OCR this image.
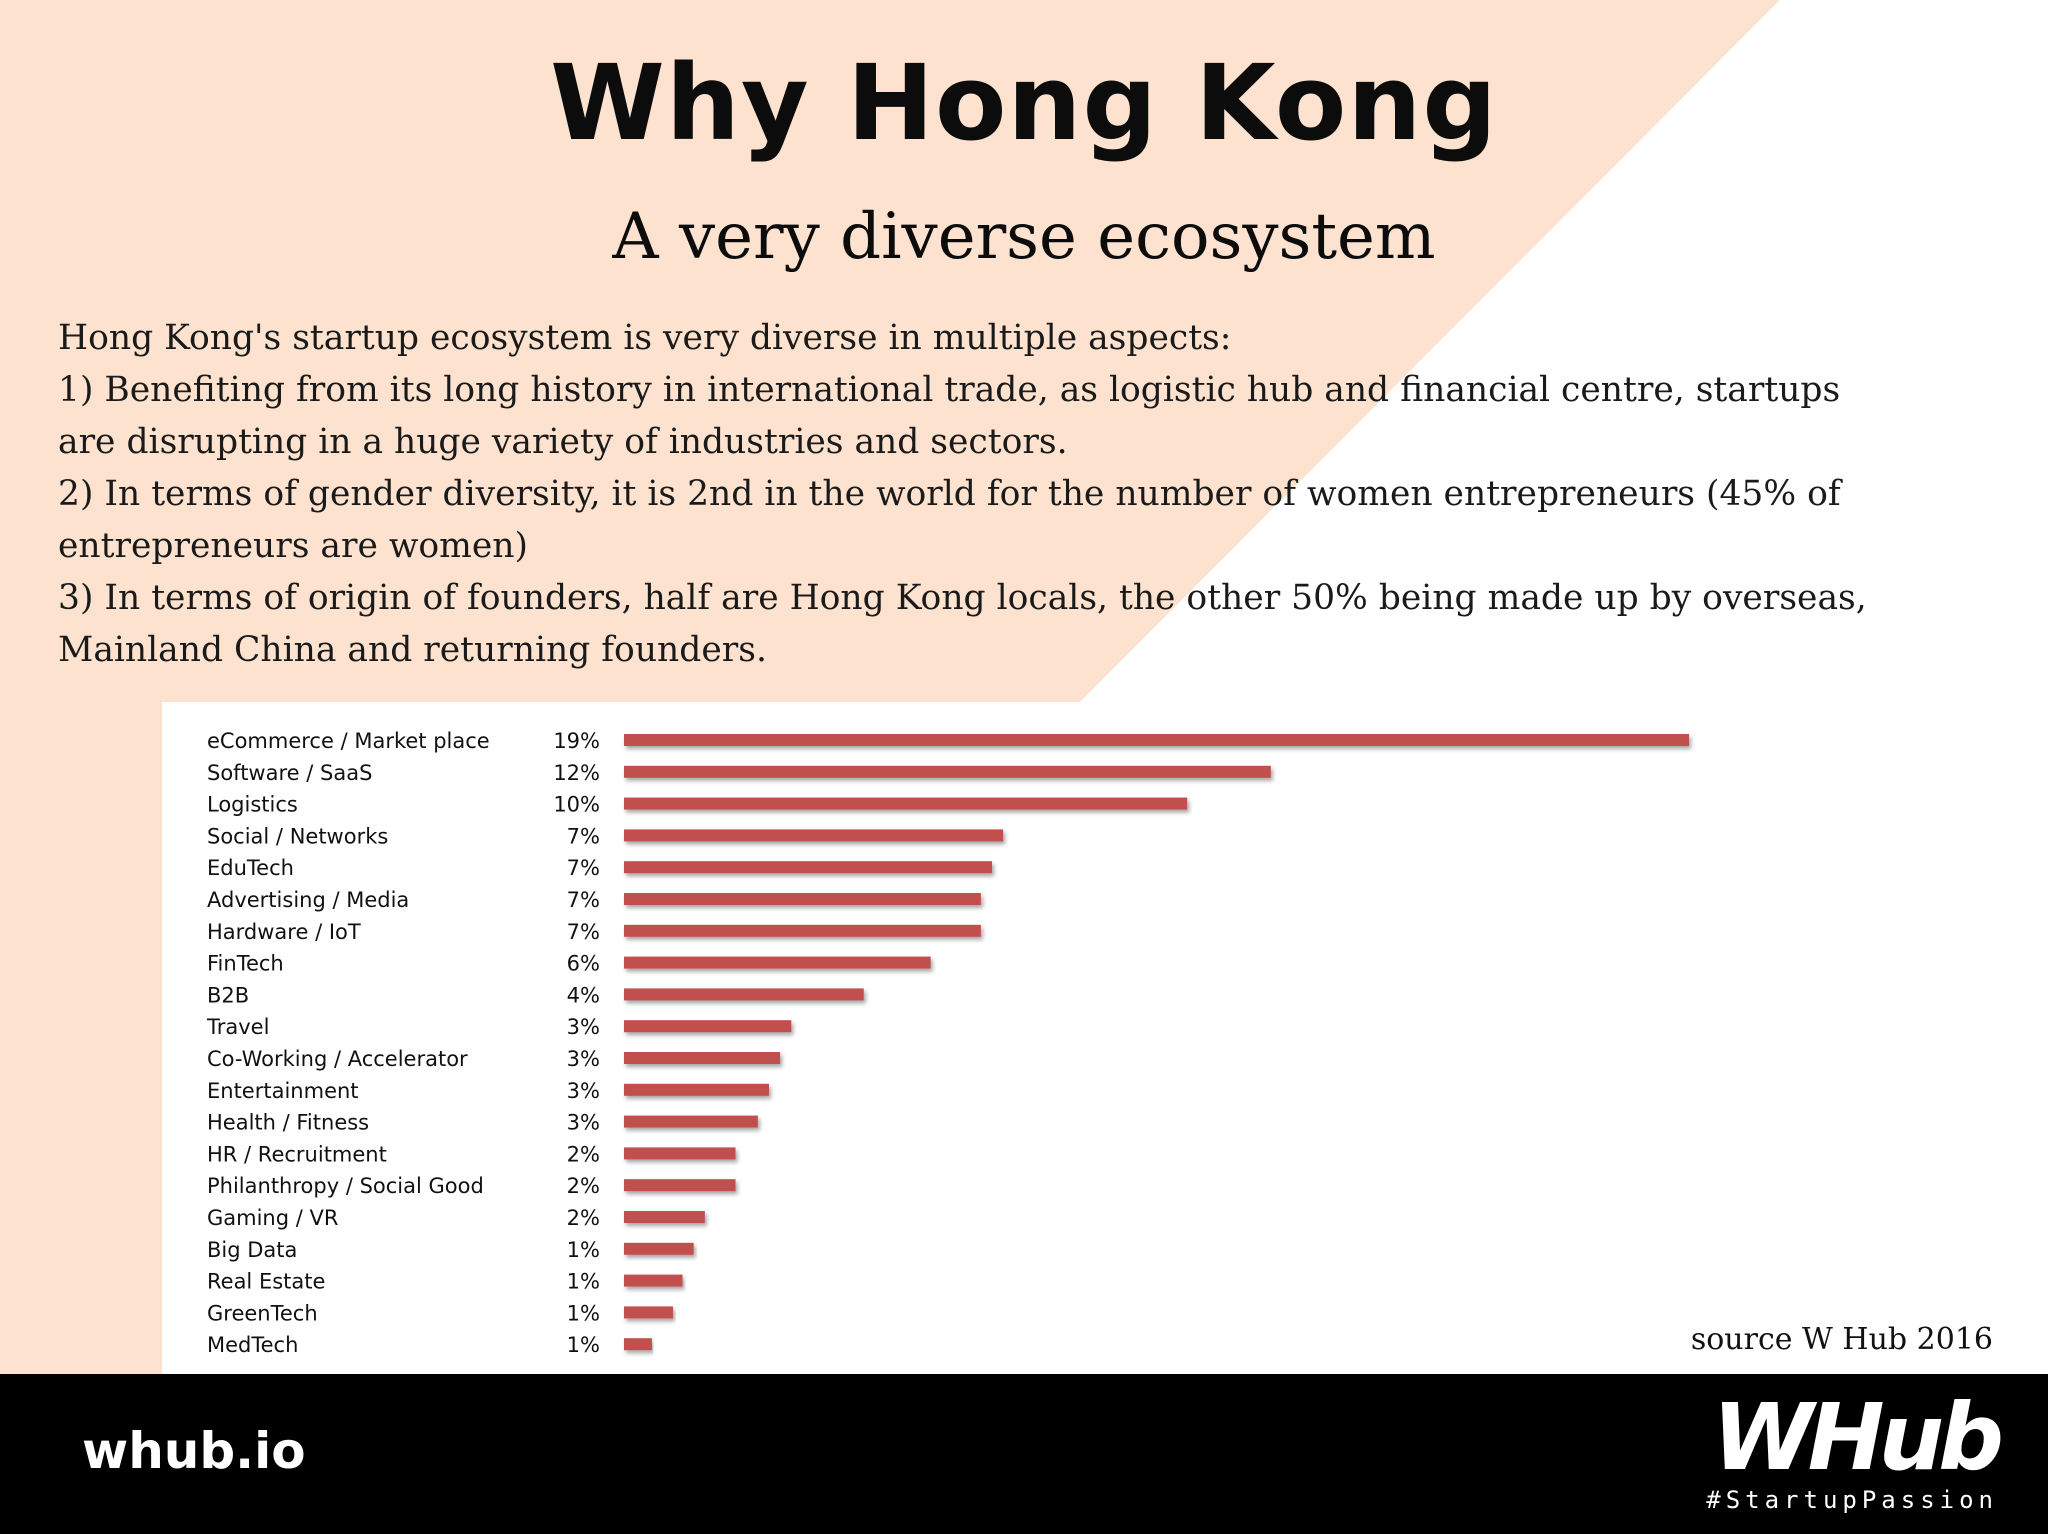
Why Hong Kong
A very diverse ecosystem
Hong Kong's startup ecosystem is very diverse in multiple aspects:
1) Benefiting from its long history in international trade, as logistic hub and financial centre, startups
are disrupting in a huge variety of industries and sectors.
2) In terms of gender diversity, it is 2nd in the world for the number of women entrepreneurs (45% of
entrepreneurs are women)
3) In terms of origin of founders, half are Hong Kong locals, the other 50% being made up by overseas,
Mainland China and returning founders.
eCommerce / Market place	19%
Software / SaaS	12%
Logistics	10%
Social / Networks	7%
EduTech	7%
Advertising / Media	7%
Hardware / IoT	7%
FinTech	6%
B2B	4%
Travel	3%
Co-Working / Accelerator	3%
Entertainment	3%
Health / Fitness	3%
HR / Recruitment	2%
Philanthropy / Social Good	2%
Gaming / VR	2%
Big Data	1%
Real Estate	1%
GreenTech	1%
MedTech	1%	source W Hub 2016
whub.io	WHub
#StartupPassion
